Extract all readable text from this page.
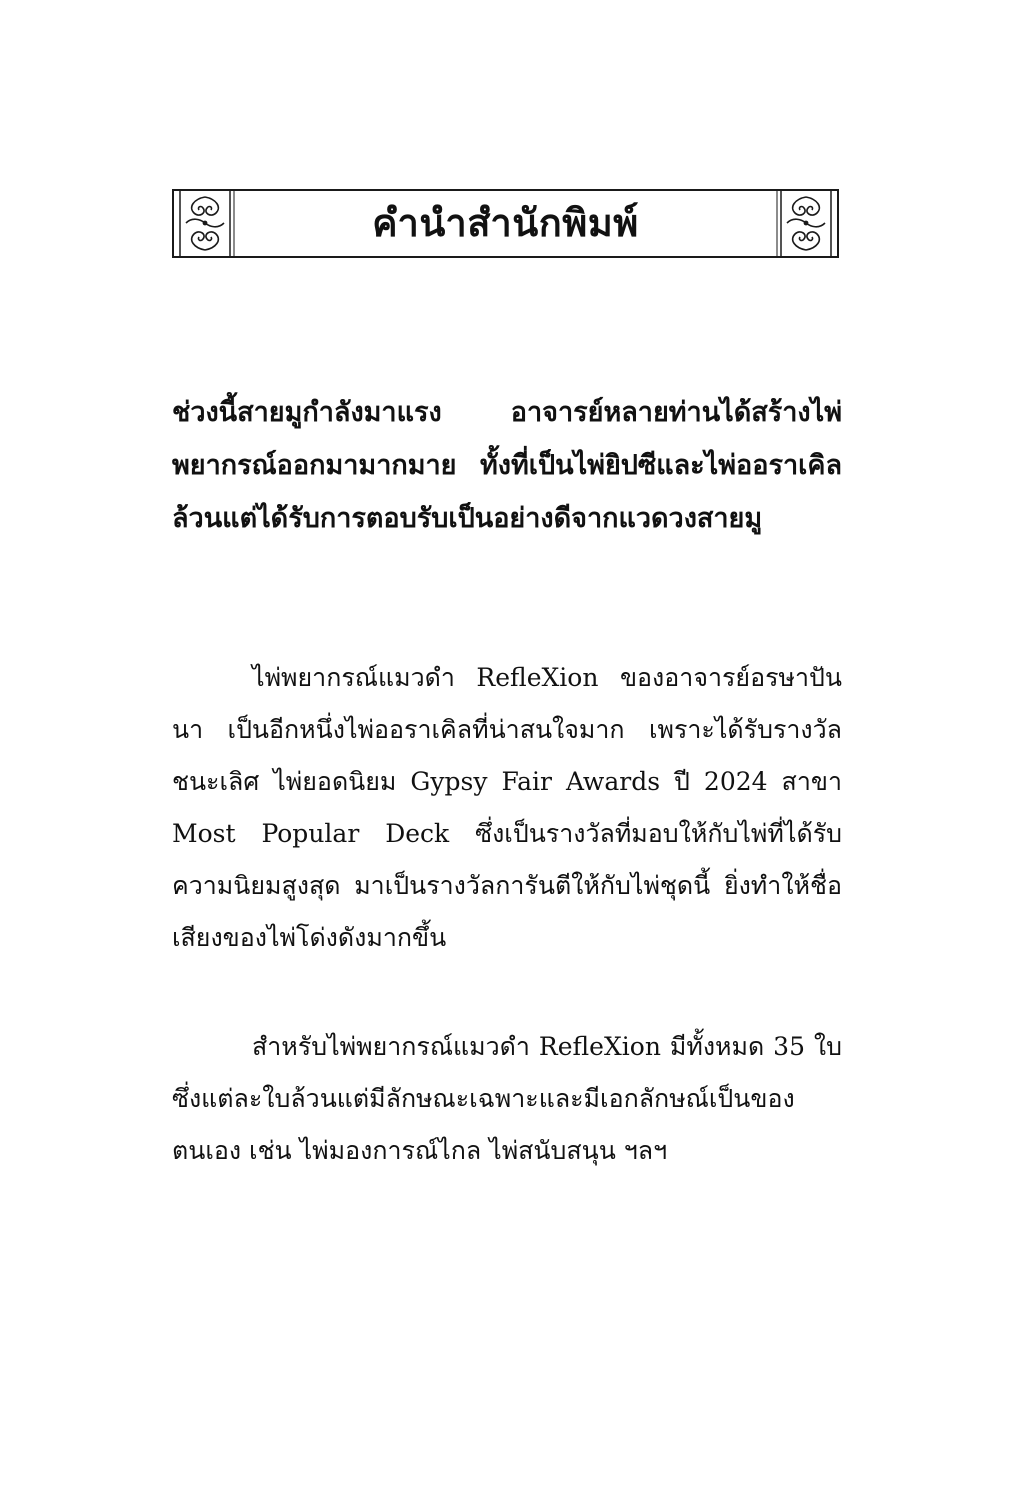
คำนำสำนักพิมพ์

ช่วงนี้สายมูกำลังมาแรง อาจารย์หลายท่านได้สร้างไพ่พยากรณ์ออกมามากมาย ทั้งที่เป็นไพ่ยิปซีและไพ่ออราเคิล ล้วนแต่ได้รับการตอบรับเป็นอย่างดีจากแวดวงสายมู

ไพ่พยากรณ์แมวดำ RefleXion ของอาจารย์อรษาปันนา เป็นอีกหนึ่งไพ่ออราเคิลที่น่าสนใจมาก เพราะได้รับรางวัลชนะเลิศ ไพ่ยอดนิยม Gypsy Fair Awards ปี 2024 สาขา Most Popular Deck ซึ่งเป็นรางวัลที่มอบให้กับไพ่ที่ได้รับความนิยมสูงสุด มาเป็นรางวัลการันตีให้กับไพ่ชุดนี้ ยิ่งทำให้ชื่อเสียงของไพ่โด่งดังมากขึ้น

สำหรับไพ่พยากรณ์แมวดำ RefleXion มีทั้งหมด 35 ใบ ซึ่งแต่ละใบล้วนแต่มีลักษณะเฉพาะและมีเอกลักษณ์เป็นของตนเอง เช่น ไพ่มองการณ์ไกล ไพ่สนับสนุน ฯลฯ
